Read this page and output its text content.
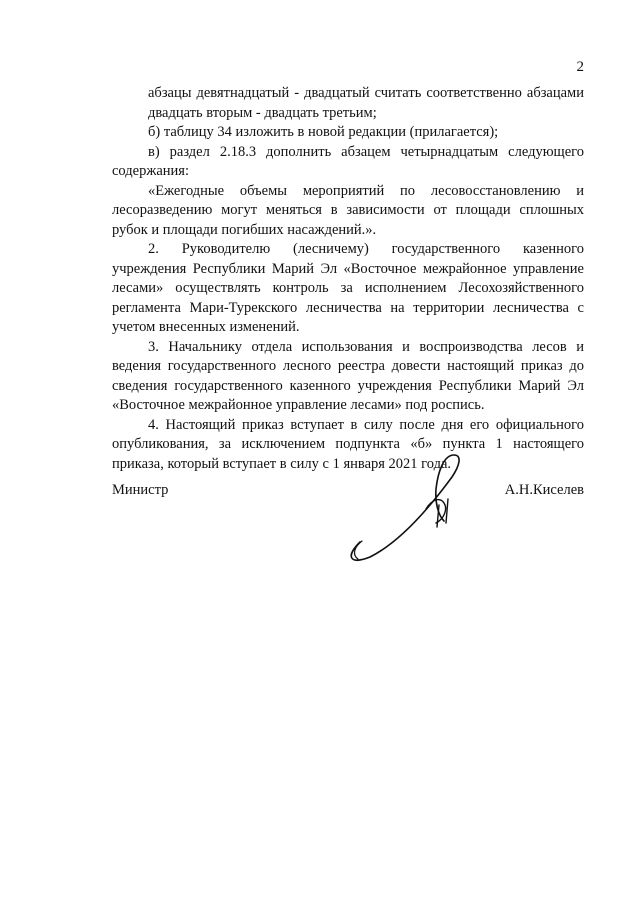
2

абзацы девятнадцатый - двадцатый считать соответственно абзацами двадцать вторым - двадцать третьим;

б) таблицу 34 изложить в новой редакции (прилагается);

в) раздел 2.18.3 дополнить абзацем четырнадцатым следующего содержания:

«Ежегодные объемы мероприятий по лесовосстановлению и лесоразведению могут меняться в зависимости от площади сплошных рубок и площади погибших насаждений.».

2. Руководителю (лесничему) государственного казенного учреждения Республики Марий Эл «Восточное межрайонное управление лесами» осуществлять контроль за исполнением Лесохозяйственного регламента Мари-Турекского лесничества на территории лесничества с учетом внесенных изменений.

3. Начальнику отдела использования и воспроизводства лесов и ведения государственного лесного реестра довести настоящий приказ до сведения государственного казенного учреждения Республики Марий Эл «Восточное межрайонное управление лесами» под роспись.

4. Настоящий приказ вступает в силу после дня его официального опубликования, за исключением подпункта «б» пункта 1 настоящего приказа, который вступает в силу с 1 января 2021 года.

Министр	А.Н.Киселев
